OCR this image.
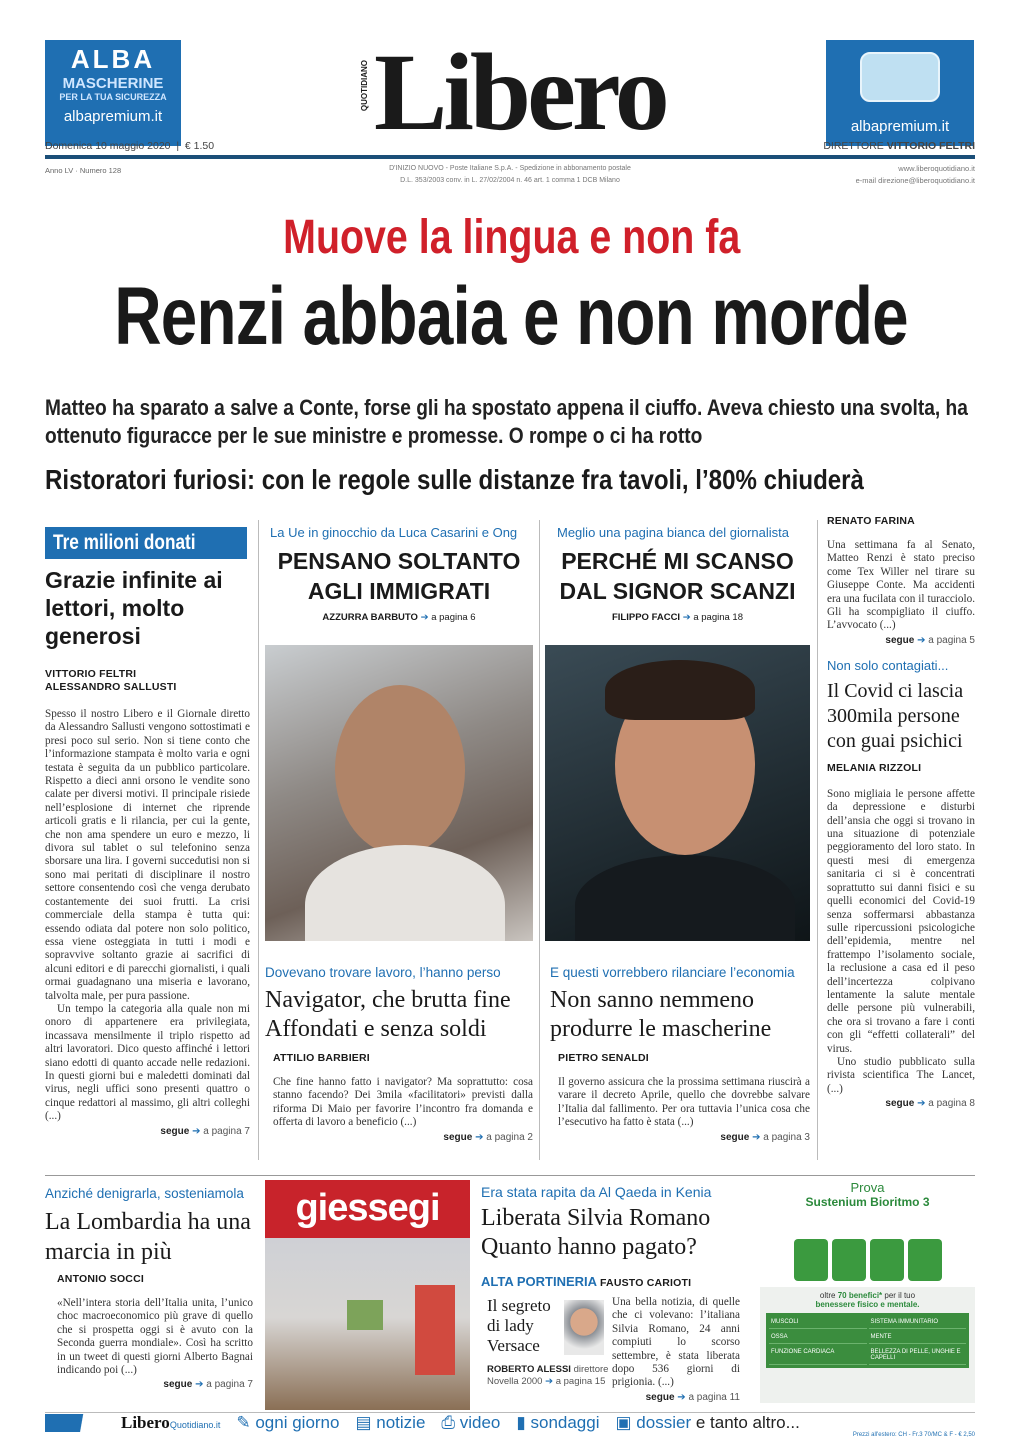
ALBA
MASCHERINE
PER LA TUA SICUREZZA
albapremium.it
QUOTIDIANO Libero	albapremium.it
Domenica 10 maggio 2020  |  € 1.50	DIRETTORE VITTORIO FELTRI
Anno LV · Numero 128	D'INIZIO NUOVO - Poste Italiane S.p.A. - Spedizione in abbonamento postale
D.L. 353/2003 conv. in L. 27/02/2004 n. 46 art. 1 comma 1 DCB Milano
www.liberoquotidiano.it
e-mail direzione@liberoquotidiano.it
Muove la lingua e non fa
Renzi abbaia e non morde
Matteo ha sparato a salve a Conte, forse gli ha spostato appena il ciuffo. Aveva chiesto una svolta, ha ottenuto figuracce per le sue ministre e promesse. O rompe o ci ha rotto
Ristoratori furiosi: con le regole sulle distanze fra tavoli, l’80% chiuderà
Tre milioni donati
Grazie infinite ai lettori, molto generosi
VITTORIO FELTRI
ALESSANDRO SALLUSTI

Spesso il nostro Libero e il Giornale diretto da Alessandro Sallusti vengono sottostimati e presi poco sul serio. Non si tiene conto che l’informazione stampata è molto varia e ogni testata è seguita da un pubblico particolare. Rispetto a dieci anni orsono le vendite sono calate per diversi motivi. Il principale risiede nell’esplosione di internet che riprende articoli gratis e li rilancia, per cui la gente, che non ama spendere un euro e mezzo, li divora sul tablet o sul telefonino senza sborsare una lira. I governi succedutisi non si sono mai peritati di disciplinare il nostro settore consentendo così che venga derubato costantemente dei suoi frutti. La crisi commerciale della stampa è tutta qui: essendo odiata dal potere non solo politico, essa viene osteggiata in tutti i modi e sopravvive soltanto grazie ai sacrifici di alcuni editori e di parecchi giornalisti, i quali ormai guadagnano una miseria e lavorano, talvolta male, per pura passione.

Un tempo la categoria alla quale non mi onoro di appartenere era privilegiata, incassava mensilmente il triplo rispetto ad altri lavoratori. Dico questo affinché i lettori siano edotti di quanto accade nelle redazioni. In questi giorni bui e maledetti dominati dal virus, negli uffici sono presenti quattro o cinque redattori al massimo, gli altri colleghi (...)

segue ➔ a pagina 7
La Ue in ginocchio da Luca Casarini e Ong
PENSANO SOLTANTO AGLI IMMIGRATI
AZZURRA BARBUTO ➔ a pagina 6
Meglio una pagina bianca del giornalista
PERCHÉ MI SCANSO DAL SIGNOR SCANZI
FILIPPO FACCI ➔ a pagina 18
Dovevano trovare lavoro, l’hanno perso
Navigator, che brutta fine Affondati e senza soldi
ATTILIO BARBIERI

Che fine hanno fatto i navigator? Ma soprattutto: cosa stanno facendo? Dei 3mila «facilitatori» previsti dalla riforma Di Maio per favorire l’incontro fra domanda e offerta di lavoro a beneficio (...)

segue ➔ a pagina 2
E questi vorrebbero rilanciare l’economia
Non sanno nemmeno produrre le mascherine
PIETRO SENALDI

Il governo assicura che la prossima settimana riuscirà a varare il decreto Aprile, quello che dovrebbe salvare l’Italia dal fallimento. Per ora tuttavia l’unica cosa che l’esecutivo ha fatto è stata (...)

segue ➔ a pagina 3
RENATO FARINA

Una settimana fa al Senato, Matteo Renzi è stato preciso come Tex Willer nel tirare su Giuseppe Conte. Ma accidenti era una fucilata con il turacciolo. Gli ha scompigliato il ciuffo. L’avvocato (...)

segue ➔ a pagina 5
Non solo contagiati...
Il Covid ci lascia 300mila persone con guai psichici
MELANIA RIZZOLI

Sono migliaia le persone affette da depressione e disturbi dell’ansia che oggi si trovano in una situazione di potenziale peggioramento del loro stato. In questi mesi di emergenza sanitaria ci si è concentrati soprattutto sui danni fisici e su quelli economici del Covid-19 senza soffermarsi abbastanza sulle ripercussioni psicologiche dell’epidemia, mentre nel frattempo l’isolamento sociale, la reclusione a casa ed il peso dell’incertezza colpivano lentamente la salute mentale delle persone più vulnerabili, che ora si trovano a fare i conti con gli “effetti collaterali” del virus.

Uno studio pubblicato sulla rivista scientifica The Lancet, (...)

segue ➔ a pagina 8
Anziché denigrarla, sosteniamola
La Lombardia ha una marcia in più
ANTONIO SOCCI

«Nell’intera storia dell’Italia unita, l’unico choc macroeconomico più grave di quello che si prospetta oggi si è avuto con la Seconda guerra mondiale». Così ha scritto in un tweet di questi giorni Alberto Bagnai indicando poi (...)

segue ➔ a pagina 7
giessegi	Era stata rapita da Al Qaeda in Kenia
Liberata Silvia Romano Quanto hanno pagato?
ALTA PORTINERIA FAUSTO CARIOTI
Il segreto di lady Versace
ROBERTO ALESSI direttore
Novella 2000 ➔ a pagina 15

Una bella notizia, di quelle che ci volevano: l’italiana Silvia Romano, 24 anni compiuti lo scorso settembre, è stata liberata dopo 536 giorni di prigionia. (...)

segue ➔ a pagina 11
Prova
Sustenium Bioritmo 3
oltre 70 benefici* per il tuo
benessere fisico e mentale.
MUSCOLI	SISTEMA IMMUNITARIO
OSSA	MENTE
FUNZIONE CARDIACA	BELLEZZA DI PELLE, UNGHIE E CAPELLI
LiberoQuotidiano.it ✎ ogni giorno ▤ notizie ⎙ video ▮ sondaggi ▣ dossier e tanto altro...
Prezzi all'estero: CH - Fr.3 70/MC & F - € 2,50
